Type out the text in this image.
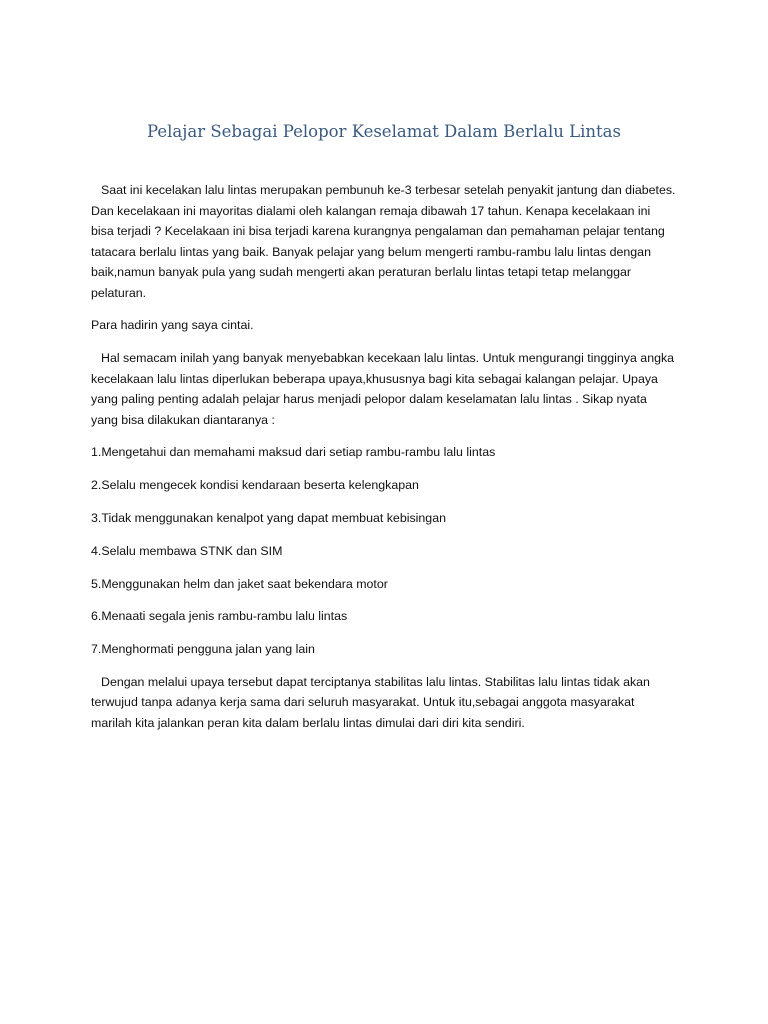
Pelajar Sebagai Pelopor Keselamat Dalam Berlalu Lintas

Saat ini kecelakan lalu lintas merupakan pembunuh ke-3 terbesar setelah penyakit jantung dan diabetes. Dan kecelakaan ini mayoritas dialami oleh kalangan remaja dibawah 17 tahun. Kenapa kecelakaan ini bisa terjadi ? Kecelakaan ini bisa terjadi karena kurangnya pengalaman dan pemahaman pelajar tentang tatacara berlalu lintas yang baik. Banyak pelajar yang belum mengerti rambu-rambu lalu lintas dengan baik,namun banyak pula yang sudah mengerti akan peraturan berlalu lintas tetapi tetap melanggar pelaturan.

Para hadirin yang saya cintai.

Hal semacam inilah yang banyak menyebabkan kecekaan lalu lintas. Untuk mengurangi tingginya angka kecelakaan lalu lintas diperlukan beberapa upaya,khususnya bagi kita sebagai kalangan pelajar. Upaya yang paling penting adalah pelajar harus menjadi pelopor dalam keselamatan lalu lintas . Sikap nyata yang bisa dilakukan diantaranya :

1.Mengetahui dan memahami maksud dari setiap rambu-rambu lalu lintas

2.Selalu mengecek kondisi kendaraan beserta kelengkapan

3.Tidak menggunakan kenalpot yang dapat membuat kebisingan

4.Selalu membawa STNK dan SIM

5.Menggunakan helm dan jaket saat bekendara motor

6.Menaati segala jenis rambu-rambu lalu lintas

7.Menghormati pengguna jalan yang lain

Dengan melalui upaya tersebut dapat terciptanya stabilitas lalu lintas. Stabilitas lalu lintas tidak akan terwujud tanpa adanya kerja sama dari seluruh masyarakat. Untuk itu,sebagai anggota masyarakat marilah kita jalankan peran kita dalam berlalu lintas dimulai dari diri kita sendiri.
